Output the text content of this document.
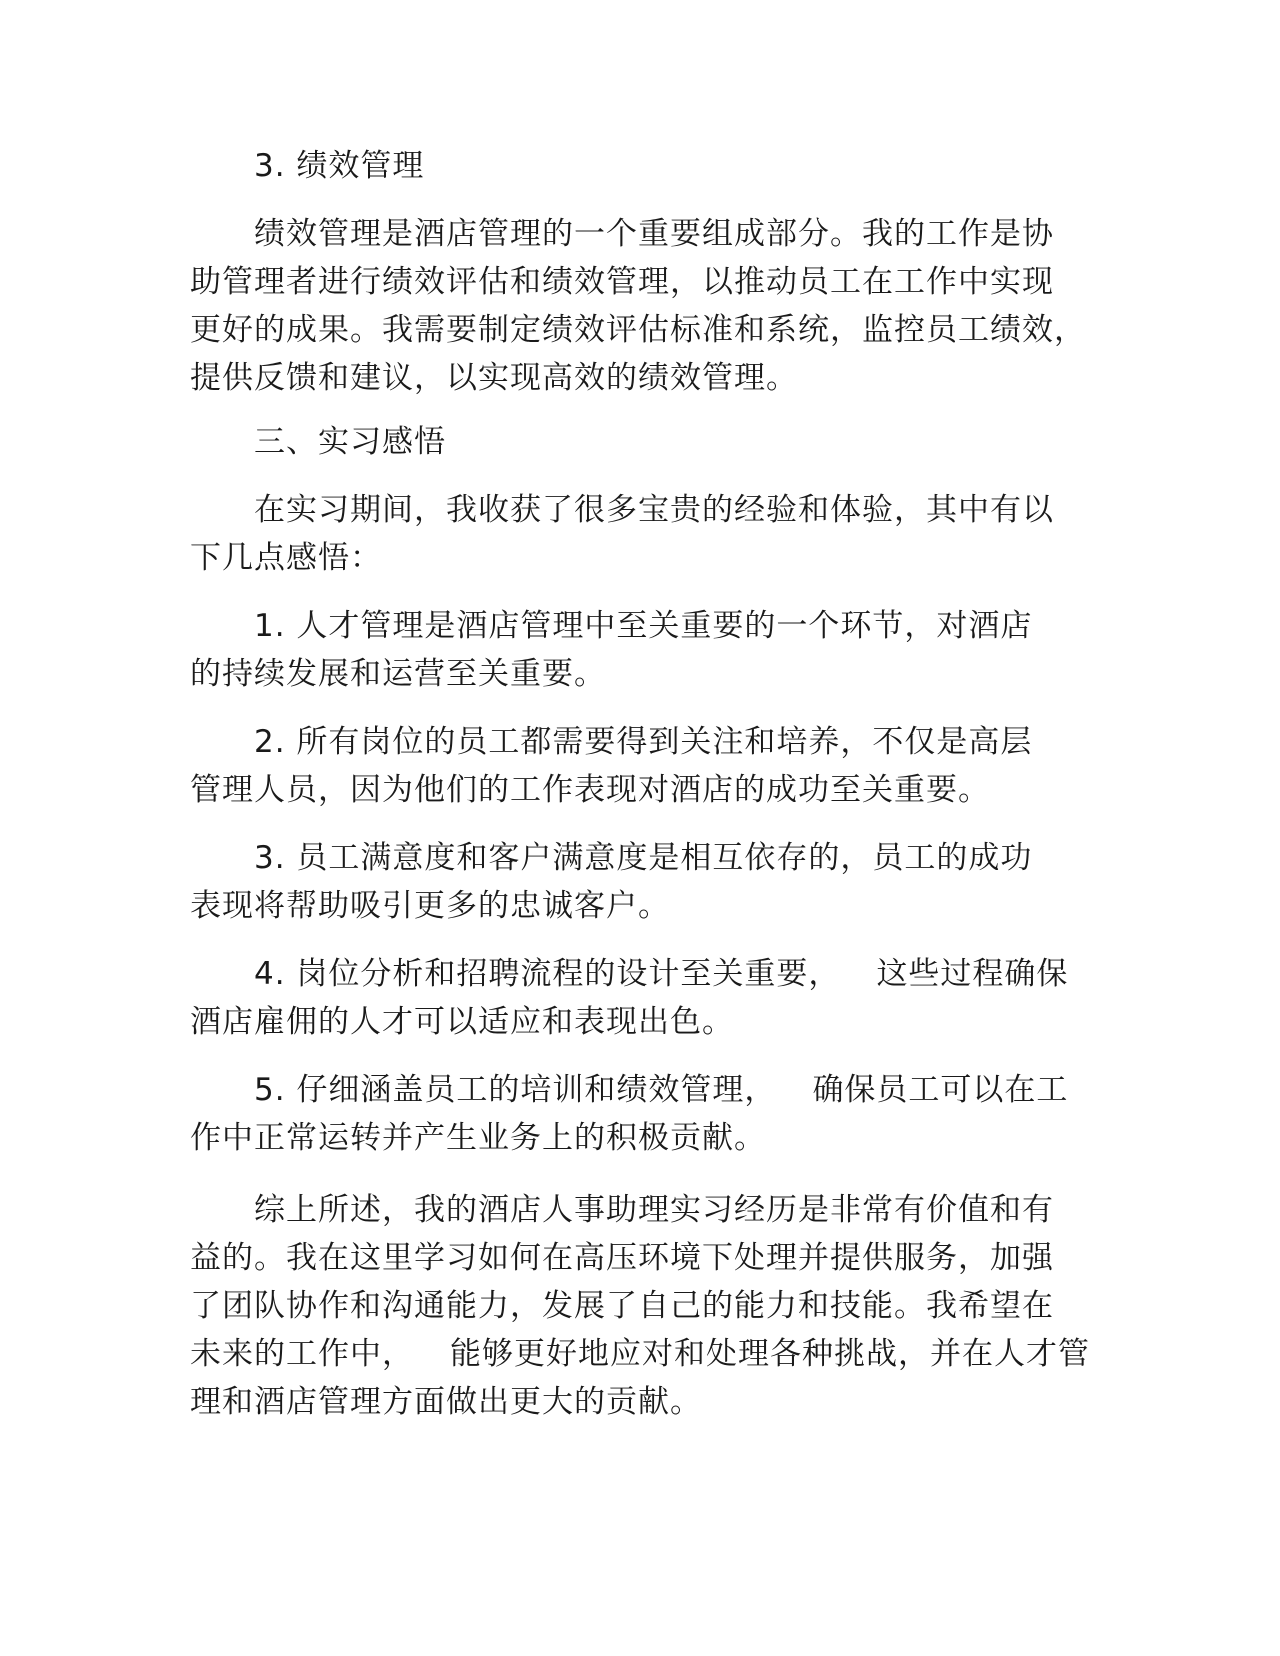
3. 绩效管理

绩效管理是酒店管理的一个重要组成部分。我的工作是协
助管理者进行绩效评估和绩效管理，以推动员工在工作中实现
更好的成果。我需要制定绩效评估标准和系统，监控员工绩效，
提供反馈和建议，以实现高效的绩效管理。

三、实习感悟

在实习期间，我收获了很多宝贵的经验和体验，其中有以
下几点感悟：

1. 人才管理是酒店管理中至关重要的一个环节，对酒店
的持续发展和运营至关重要。

2. 所有岗位的员工都需要得到关注和培养，不仅是高层
管理人员，因为他们的工作表现对酒店的成功至关重要。

3. 员工满意度和客户满意度是相互依存的，员工的成功
表现将帮助吸引更多的忠诚客户。

4. 岗位分析和招聘流程的设计至关重要， 这些过程确保
酒店雇佣的人才可以适应和表现出色。

5. 仔细涵盖员工的培训和绩效管理， 确保员工可以在工
作中正常运转并产生业务上的积极贡献。

综上所述，我的酒店人事助理实习经历是非常有价值和有
益的。我在这里学习如何在高压环境下处理并提供服务，加强
了团队协作和沟通能力，发展了自己的能力和技能。我希望在
未来的工作中， 能够更好地应对和处理各种挑战，并在人才管
理和酒店管理方面做出更大的贡献。
